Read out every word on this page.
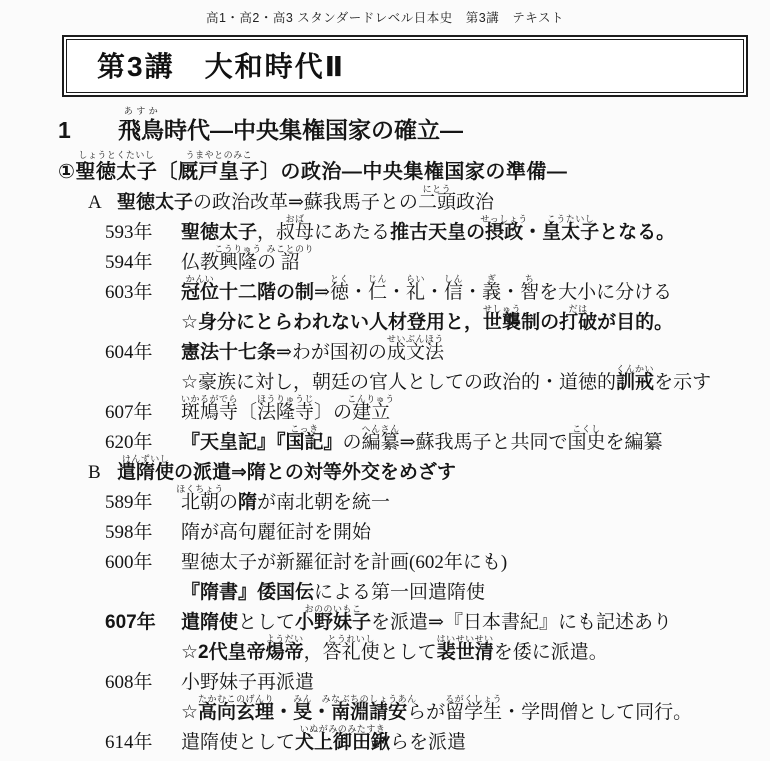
高1・高2・高3 スタンダードレベル日本史　第3講　テキスト
第3講　大和時代Ⅱ
1
あ す か
飛鳥時代―中央集権国家の確立―
①
しょうとくたいし
聖徳太子〔
うまやとのみこ
厩戸皇子〕の政治―中央集権国家の準備―
A 聖徳太子の政治改革⇒蘇我馬子との
にとう
二頭政治
593年 聖徳太子，
おば
叔母にあたる推古天皇の
せっしょう
摂政・
こうたいし
皇太子となる。
594年 仏教
こうりゅう
興隆の
みことのり
詔
603年
かんい
冠位十二階の制⇒
とく
徳・
じん
仁・
らい
礼・
しん
信・
ぎ
義・
ち
智を大小に分ける
☆身分にとらわれない人材登用と，
せしゅう
世襲制の
だは
打破が目的。
604年 憲法十七条⇒わが国初の
せいぶんほう
成文法
☆豪族に対し，朝廷の官人としての政治的・道徳的
くんかい
訓戒を示す
607年
いかるがでら
斑鳩寺〔
ほうりゅうじ
法隆寺〕の
こんりゅう
建立
620年 『天皇記』『
こっき
国記』の
へんさん
編纂⇒蘇我馬子と共同で
こくし
国史を編纂
B
けんずいし
遣隋使の派遣⇒隋との対等外交をめざす
589年
ほくちょう
北朝の隋が南北朝を統一
598年 隋が高句麗征討を開始
600年 聖徳太子が新羅征討を計画(602年にも)
『隋書』倭国伝による第一回遣隋使
607年 遣隋使として
おののいもこ
小野妹子を派遣⇒『日本書紀』にも記述あり
☆2代皇帝
ようだい
煬帝，
とうれいし
答礼使として
はいせいせい
裴世清を倭に派遣。
608年 小野妹子再派遣
☆
たかむこのげんり
高向玄理・
みん
旻・
みなぶちのしょうあん
南淵請安らが
るがくしょう
留学生・学問僧として同行。
614年 遣隋使として
いぬがみのみたすき
犬上御田鍬らを派遣
